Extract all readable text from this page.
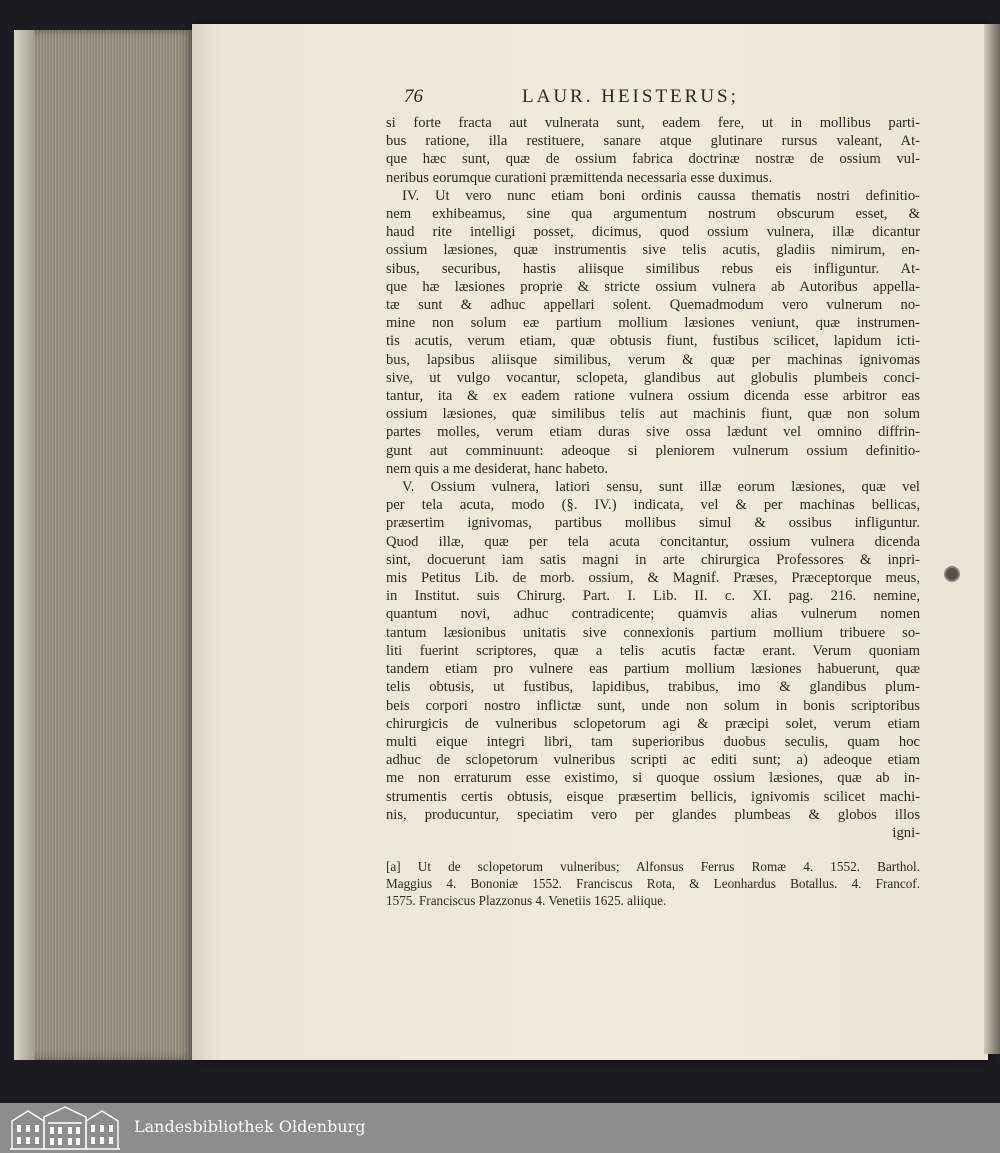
76	LAUR. HEISTERUS;
si forte fracta aut vulnerata sunt, eadem fere, ut in mollibus parti-
bus ratione, illa restituere, sanare atque glutinare rursus valeant, At-
que hæc sunt, quæ de ossium fabrica doctrinæ nostræ de ossium vul-
neribus eorumque curationi præmittenda necessaria esse duximus.
IV. Ut vero nunc etiam boni ordinis caussa thematis nostri definitio-
nem exhibeamus, sine qua argumentum nostrum obscurum esset, &
haud rite intelligi posset, dicimus, quod ossium vulnera, illæ dicantur
ossium læsiones, quæ instrumentis sive telis acutis, gladiis nimirum, en-
sibus, securibus, hastis aliisque similibus rebus eis infliguntur. At-
que hæ læsiones proprie & stricte ossium vulnera ab Autoribus appella-
tæ sunt & adhuc appellari solent. Quemadmodum vero vulnerum no-
mine non solum eæ partium mollium læsiones veniunt, quæ instrumen-
tis acutis, verum etiam, quæ obtusis fiunt, fustibus scilicet, lapidum icti-
bus, lapsibus aliisque similibus, verum & quæ per machinas ignivomas
sive, ut vulgo vocantur, sclopeta, glandibus aut globulis plumbeis conci-
tantur, ita & ex eadem ratione vulnera ossium dicenda esse arbitror eas
ossium læsiones, quæ similibus telis aut machinis fiunt, quæ non solum
partes molles, verum etiam duras sive ossa lædunt vel omnino diffrin-
gunt aut comminuunt: adeoque si pleniorem vulnerum ossium definitio-
nem quis a me desiderat, hanc habeto.
V. Ossium vulnera, latiori sensu, sunt illæ eorum læsiones, quæ vel
per tela acuta, modo (§. IV.) indicata, vel & per machinas bellicas,
præsertim ignivomas, partibus mollibus simul & ossibus infliguntur.
Quod illæ, quæ per tela acuta concitantur, ossium vulnera dicenda
sint, docuerunt iam satis magni in arte chirurgica Professores & inpri-
mis Petitus Lib. de morb. ossium, & Magnif. Præses, Præceptorque meus,
in Institut. suis Chirurg. Part. I. Lib. II. c. XI. pag. 216. nemine,
quantum novi, adhuc contradicente; quamvis alias vulnerum nomen
tantum læsionibus unitatis sive connexionis partium mollium tribuere so-
liti fuerint scriptores, quæ a telis acutis factæ erant. Verum quoniam
tandem etiam pro vulnere eas partium mollium læsiones habuerunt, quæ
telis obtusis, ut fustibus, lapidibus, trabibus, imo & glandibus plum-
beis corpori nostro inflictæ sunt, unde non solum in bonis scriptoribus
chirurgicis de vulneribus sclopetorum agi & præcipi solet, verum etiam
multi eique integri libri, tam superioribus duobus seculis, quam hoc
adhuc de sclopetorum vulneribus scripti ac editi sunt; a) adeoque etiam
me non erraturum esse existimo, si quoque ossium læsiones, quæ ab in-
strumentis certis obtusis, eisque præsertim bellicis, ignivomis scilicet machi-
nis, producuntur, speciatim vero per glandes plumbeas & globos illos
igni-
[a] Ut de sclopetorum vulneribus; Alfonsus Ferrus Romæ 4. 1552. Barthol.
Maggius 4. Bononiæ 1552. Franciscus Rota, & Leonhardus Botallus. 4. Francof.
1575. Franciscus Plazzonus 4. Venetiis 1625. aliique.
Landesbibliothek Oldenburg
